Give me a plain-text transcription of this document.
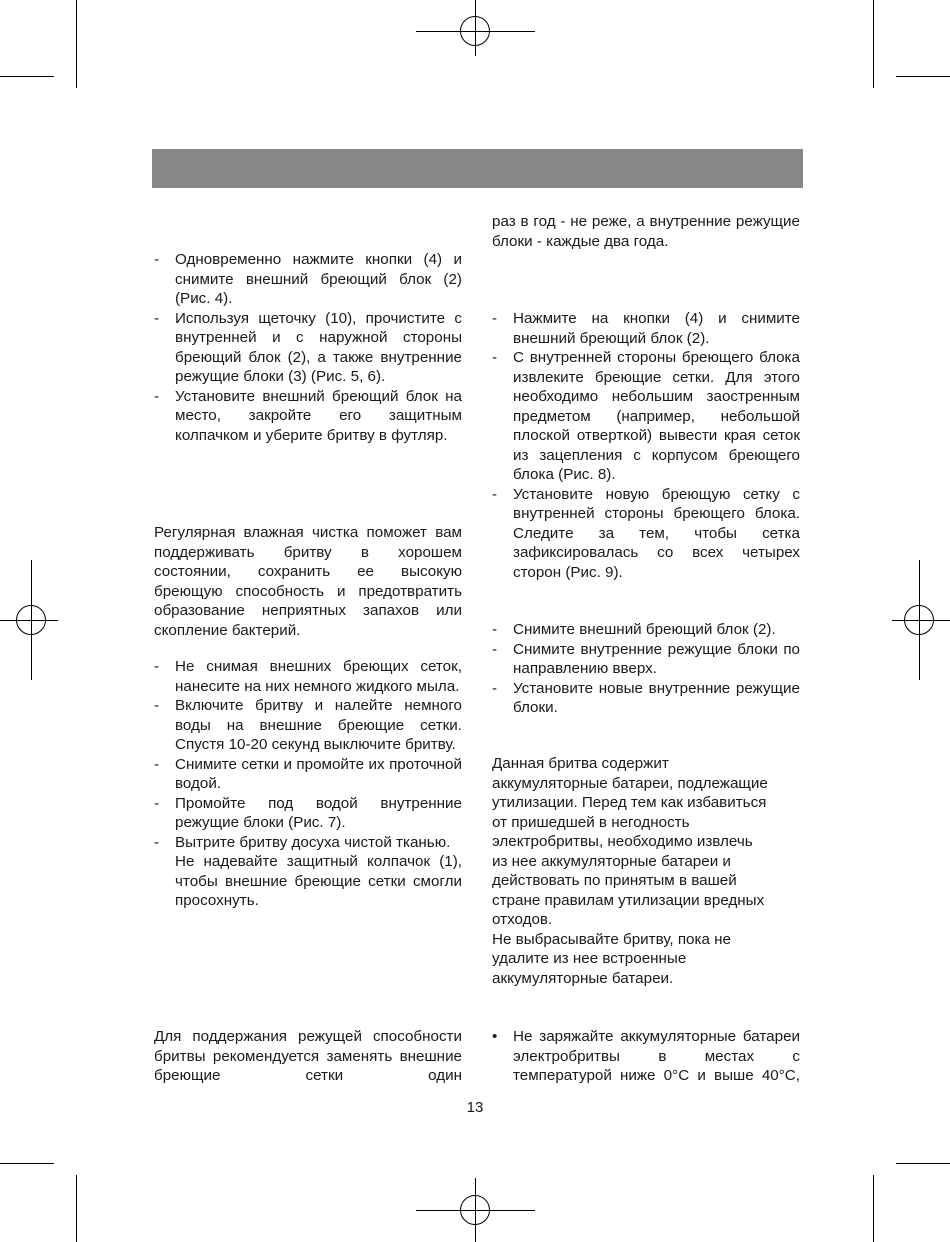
-	Одновременно нажмите кнопки (4) и снимите внешний бреющий блок (2) (Рис. 4).
-	Используя щеточку (10), прочистите с внутренней и с наружной стороны бреющий блок (2), а также внутренние режущие блоки (3) (Рис. 5, 6).
-	Установите внешний бреющий блок на место, закройте его защитным колпачком и уберите бритву в футляр.

Регулярная влажная чистка поможет вам поддерживать бритву в хорошем состоянии, сохранить ее высокую бреющую способность и предотвратить образование неприятных запахов или скопление бактерий.

-	Не снимая внешних бреющих сеток, нанесите на них немного жидкого мыла.
-	Включите бритву и налейте немного воды на внешние бреющие сетки. Спустя 10-20 секунд выключите бритву.
-	Снимите сетки и промойте их проточной водой.
-	Промойте под водой внутренние режущие блоки (Рис. 7).
-	Вытрите бритву досуха чистой тканью.
Не надевайте защитный колпачок (1), чтобы внешние бреющие сетки смогли просохнуть.

Для поддержания режущей способности бритвы рекомендуется заменять внешние бреющие сетки один

раз в год - не реже, а внутренние режущие блоки - каждые два года.

-	Нажмите на кнопки (4) и снимите внешний бреющий блок (2).
-	С внутренней стороны бреющего блока извлеките бреющие сетки. Для этого необходимо небольшим заостренным предметом (например, небольшой плоской отверткой) вывести края сеток из зацепления с корпусом бреющего блока (Рис. 8).
-	Установите новую бреющую сетку с внутренней стороны бреющего блока. Следите за тем, чтобы сетка зафиксировалась со всех четырех сторон (Рис. 9).
-	Снимите внешний бреющий блок (2).
-	Снимите внутренние режущие блоки по направлению вверх.
-	Установите новые внутренние режущие блоки.
Данная бритва содержит
аккумуляторные батареи, подлежащие
утилизации. Перед тем как избавиться
от пришедшей в негодность
электробритвы, необходимо извлечь
из нее аккумуляторные батареи и
действовать по принятым в вашей
стране правилам утилизации вредных
отходов.
Не выбрасывайте бритву, пока не
удалите из нее встроенные
аккумуляторные батареи.
•	Не заряжайте аккумуляторные батареи электробритвы в местах с температурой ниже 0°С и выше 40°С,
13
